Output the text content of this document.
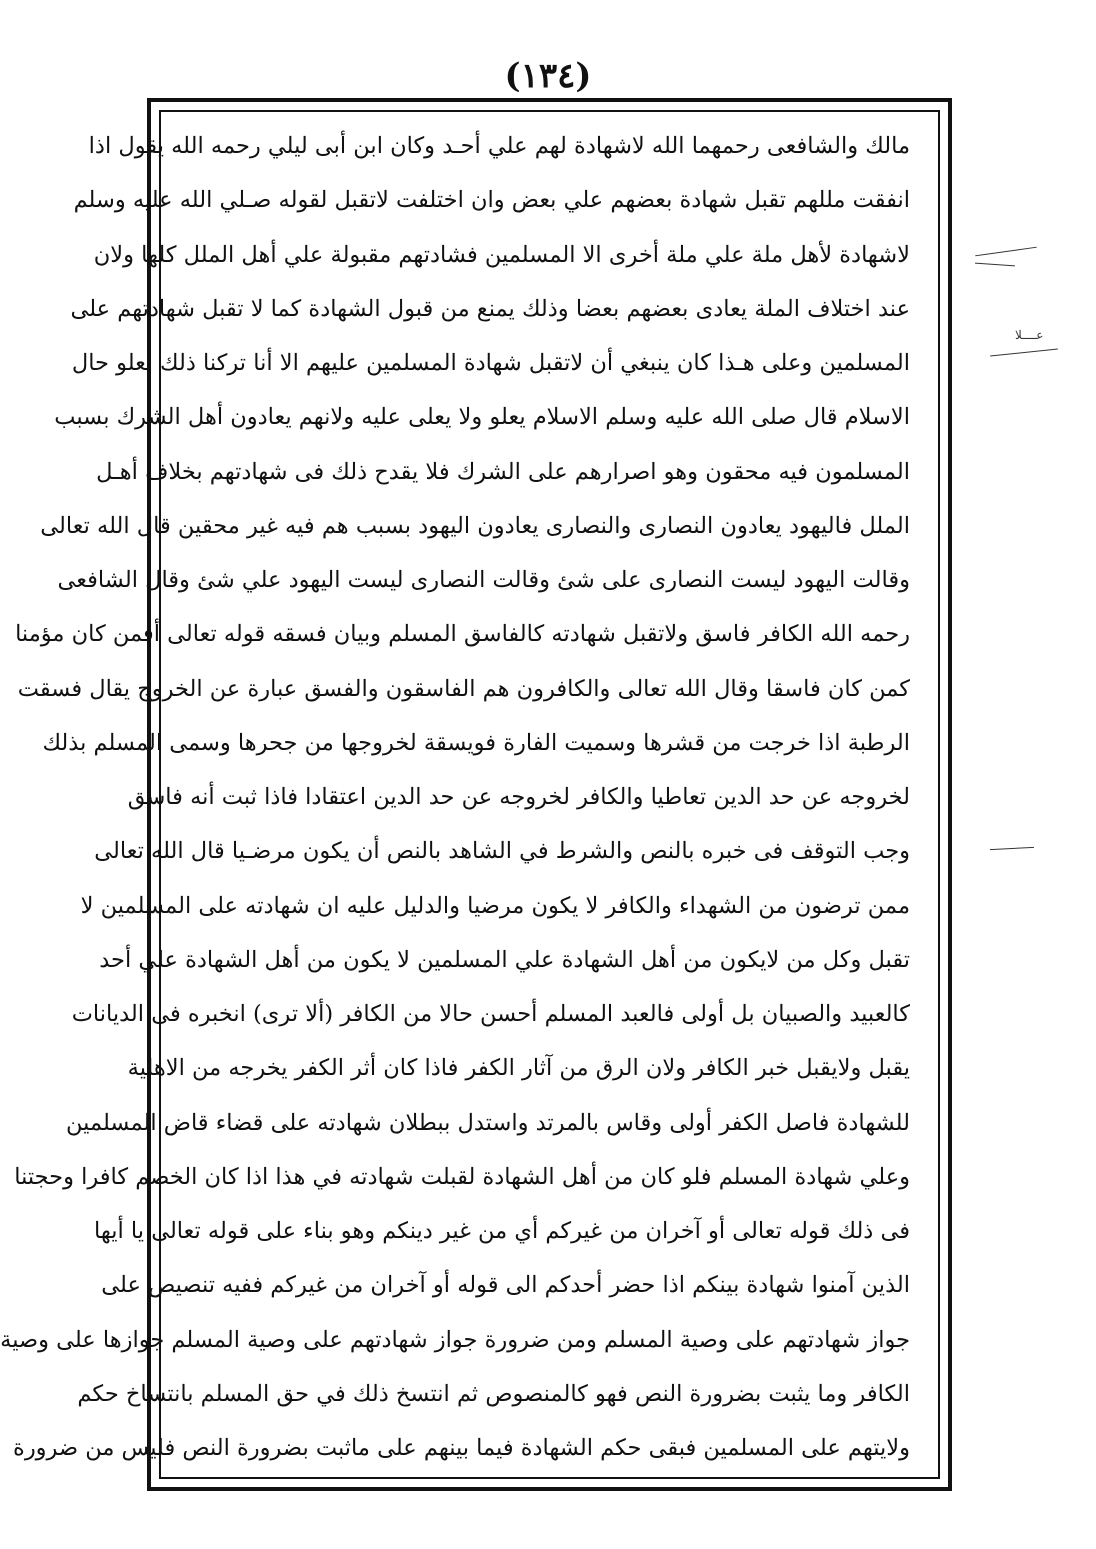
(١٣٤)
مالك والشافعى رحمهما الله لاشهادة لهم علي أحـد وكان ابن أبى ليلي رحمه الله يقول اذا
انفقت مللهم تقبل شهادة بعضهم علي بعض وان اختلفت لاتقبل لقوله صـلي الله عليه وسلم
لاشهادة لأهل ملة علي ملة أخرى الا المسلمين فشادتهم مقبولة علي أهل الملل كلها ولان
عند اختلاف الملة يعادى بعضهم بعضا وذلك يمنع من قبول الشهادة كما لا تقبل شهادتهم على
المسلمين وعلى هـذا كان ينبغي أن لاتقبل شهادة المسلمين عليهم الا أنا تركنا ذلك لعلو حال
الاسلام قال صلى الله عليه وسلم الاسلام يعلو ولا يعلى عليه ولانهم يعادون أهل الشرك بسبب
المسلمون فيه محقون وهو اصرارهم على الشرك فلا يقدح ذلك فى شهادتهم بخلاف أهـل
الملل فاليهود يعادون النصارى والنصارى يعادون اليهود بسبب هم فيه غير محقين قال الله تعالى
وقالت اليهود ليست النصارى على شئ وقالت النصارى ليست اليهود علي شئ وقال الشافعى
رحمه الله الكافر فاسق ولاتقبل شهادته كالفاسق المسلم وبيان فسقه قوله تعالى أفمن كان مؤمنا
كمن كان فاسقا وقال الله تعالى والكافرون هم الفاسقون والفسق عبارة عن الخروج يقال فسقت
الرطبة اذا خرجت من قشرها وسميت الفارة فويسقة لخروجها من جحرها وسمى المسلم بذلك
لخروجه عن حد الدين تعاطيا والكافر لخروجه عن حد الدين اعتقادا فاذا ثبت أنه فاسق
وجب التوقف فى خبره بالنص والشرط في الشاهد بالنص أن يكون مرضـيا قال الله تعالى
ممن ترضون من الشهداء والكافر لا يكون مرضيا والدليل عليه ان شهادته على المسلمين لا
تقبل وكل من لايكون من أهل الشهادة علي المسلمين لا يكون من أهل الشهادة علي أحد
كالعبيد والصبيان بل أولى فالعبد المسلم أحسن حالا من الكافر (ألا ترى) انخبره فى الديانات
يقبل ولايقبل خبر الكافر ولان الرق من آثار الكفر فاذا كان أثر الكفر يخرجه من الاهلية
للشهادة فاصل الكفر أولى وقاس بالمرتد واستدل ببطلان شهادته على قضاء قاض المسلمين
وعلي شهادة المسلم فلو كان من أهل الشهادة لقبلت شهادته في هذا اذا كان الخصم كافرا وحجتنا
فى ذلك قوله تعالى أو آخران من غيركم أي من غير دينكم وهو بناء على قوله تعالى يا أيها
الذين آمنوا شهادة بينكم اذا حضر أحدكم الى قوله أو آخران من غيركم ففيه تنصيص على
جواز شهادتهم على وصية المسلم ومن ضرورة جواز شهادتهم على وصية المسلم جوازها على وصية
الكافر وما يثبت بضرورة النص فهو كالمنصوص ثم انتسخ ذلك في حق المسلم بانتساخ حكم
ولايتهم على المسلمين فبقى حكم الشهادة فيما بينهم على ماثبت بضرورة النص فليس من ضرورة
عــــلا
